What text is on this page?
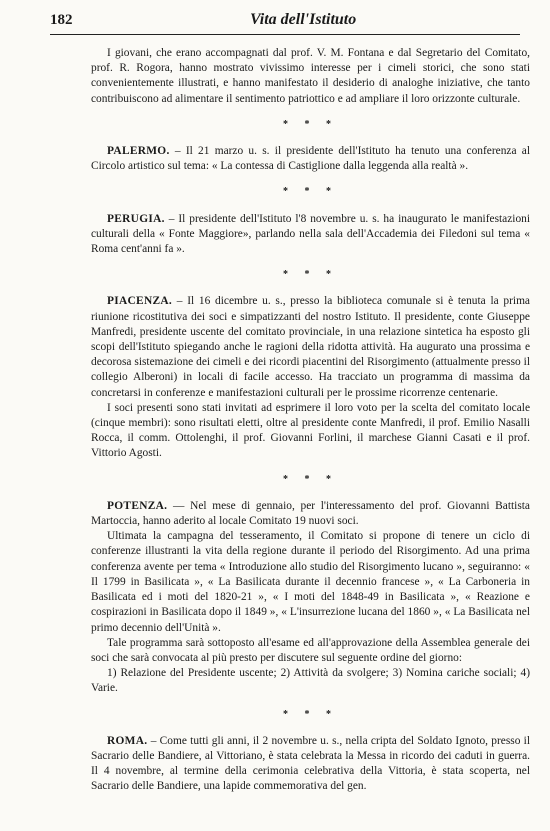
182	Vita dell'Istituto

I giovani, che erano accompagnati dal prof. V. M. Fontana e dal Segretario del Comitato, prof. R. Rogora, hanno mostrato vivissimo interesse per i cimeli storici, che sono stati convenientemente illustrati, e hanno manifestato il desiderio di analoghe iniziative, che tanto contribuiscono ad alimentare il sentimento patriottico e ad ampliare il loro orizzonte culturale.

* * *

PALERMO. – Il 21 marzo u. s. il presidente dell'Istituto ha tenuto una conferenza al Circolo artistico sul tema: « La contessa di Castiglione dalla leggenda alla realtà ».

* * *

PERUGIA. – Il presidente dell'Istituto l'8 novembre u. s. ha inaugurato le manifestazioni culturali della « Fonte Maggiore», parlando nella sala dell'Accademia dei Filedoni sul tema « Roma cent'anni fa ».

* * *

PIACENZA. – Il 16 dicembre u. s., presso la biblioteca comunale si è tenuta la prima riunione ricostitutiva dei soci e simpatizzanti del nostro Istituto. Il presidente, conte Giuseppe Manfredi, presidente uscente del comitato provinciale, in una relazione sintetica ha esposto gli scopi dell'Istituto spiegando anche le ragioni della ridotta attività. Ha augurato una prossima e decorosa sistemazione dei cimeli e dei ricordi piacentini del Risorgimento (attualmente presso il collegio Alberoni) in locali di facile accesso. Ha tracciato un programma di massima da concretarsi in conferenze e manifestazioni culturali per le prossime ricorrenze centenarie.

I soci presenti sono stati invitati ad esprimere il loro voto per la scelta del comitato locale (cinque membri): sono risultati eletti, oltre al presidente conte Manfredi, il prof. Emilio Nasalli Rocca, il comm. Ottolenghi, il prof. Giovanni Forlini, il marchese Gianni Casati e il prof. Vittorio Agosti.

* * *

POTENZA. — Nel mese di gennaio, per l'interessamento del prof. Giovanni Battista Martoccia, hanno aderito al locale Comitato 19 nuovi soci.

Ultimata la campagna del tesseramento, il Comitato si propone di tenere un ciclo di conferenze illustranti la vita della regione durante il periodo del Risorgimento. Ad una prima conferenza avente per tema « Introduzione allo studio del Risorgimento lucano », seguiranno: « Il 1799 in Basilicata », « La Basilicata durante il decennio francese », « La Carboneria in Basilicata ed i moti del 1820-21 », « I moti del 1848-49 in Basilicata », « Reazione e cospirazioni in Basilicata dopo il 1849 », « L'insurrezione lucana del 1860 », « La Basilicata nel primo decennio dell'Unità ».

Tale programma sarà sottoposto all'esame ed all'approvazione della Assemblea generale dei soci che sarà convocata al più presto per discutere sul seguente ordine del giorno:

1) Relazione del Presidente uscente; 2) Attività da svolgere; 3) Nomina cariche sociali; 4) Varie.

* * *

ROMA. – Come tutti gli anni, il 2 novembre u. s., nella cripta del Soldato Ignoto, presso il Sacrario delle Bandiere, al Vittoriano, è stata celebrata la Messa in ricordo dei caduti in guerra. Il 4 novembre, al termine della cerimonia celebrativa della Vittoria, è stata scoperta, nel Sacrario delle Bandiere, una lapide commemorativa del gen.
